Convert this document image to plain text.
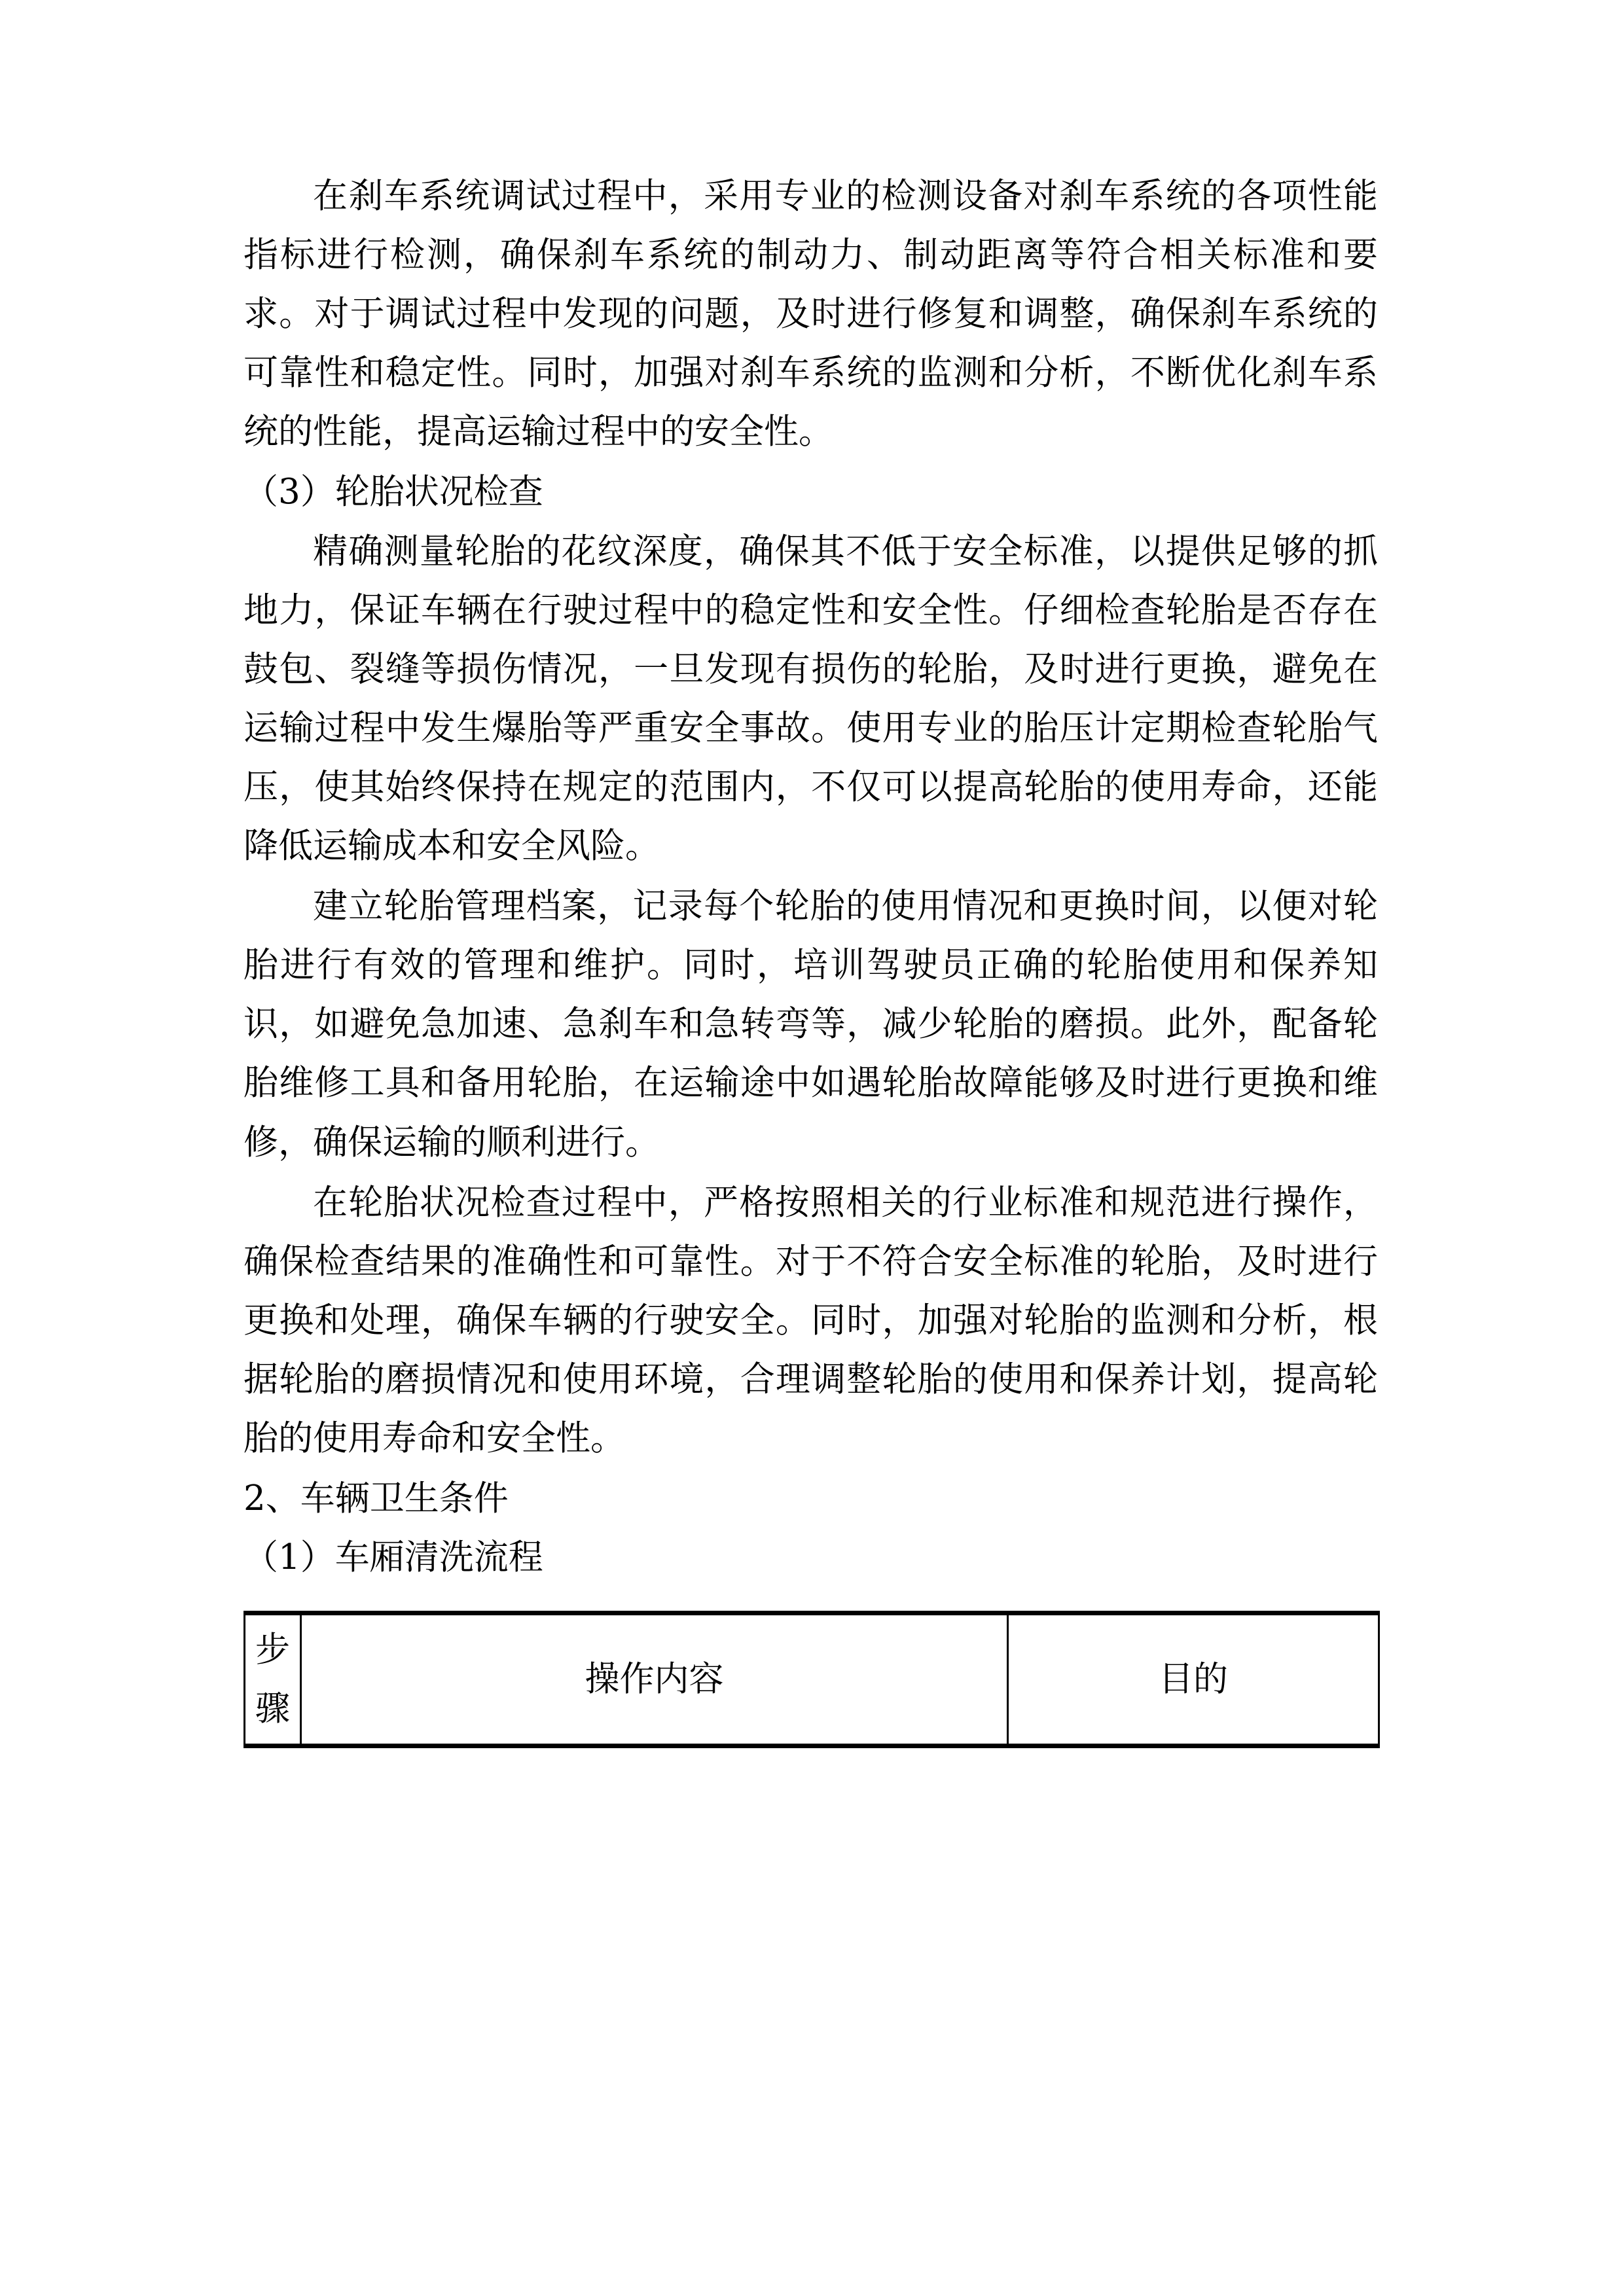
在刹车系统调试过程中，采用专业的检测设备对刹车系统的各项性能指标进行检测，确保刹车系统的制动力、制动距离等符合相关标准和要求。对于调试过程中发现的问题，及时进行修复和调整，确保刹车系统的可靠性和稳定性。同时，加强对刹车系统的监测和分析，不断优化刹车系统的性能，提高运输过程中的安全性。

（3）轮胎状况检查

精确测量轮胎的花纹深度，确保其不低于安全标准，以提供足够的抓地力，保证车辆在行驶过程中的稳定性和安全性。仔细检查轮胎是否存在鼓包、裂缝等损伤情况，一旦发现有损伤的轮胎，及时进行更换，避免在运输过程中发生爆胎等严重安全事故。使用专业的胎压计定期检查轮胎气压，使其始终保持在规定的范围内，不仅可以提高轮胎的使用寿命，还能降低运输成本和安全风险。

建立轮胎管理档案，记录每个轮胎的使用情况和更换时间，以便对轮胎进行有效的管理和维护。同时，培训驾驶员正确的轮胎使用和保养知识，如避免急加速、急刹车和急转弯等，减少轮胎的磨损。此外，配备轮胎维修工具和备用轮胎，在运输途中如遇轮胎故障能够及时进行更换和维修，确保运输的顺利进行。

在轮胎状况检查过程中，严格按照相关的行业标准和规范进行操作，确保检查结果的准确性和可靠性。对于不符合安全标准的轮胎，及时进行更换和处理，确保车辆的行驶安全。同时，加强对轮胎的监测和分析，根据轮胎的磨损情况和使用环境，合理调整轮胎的使用和保养计划，提高轮胎的使用寿命和安全性。

2、车辆卫生条件

（1）车厢清洗流程

步骤	操作内容	目的
